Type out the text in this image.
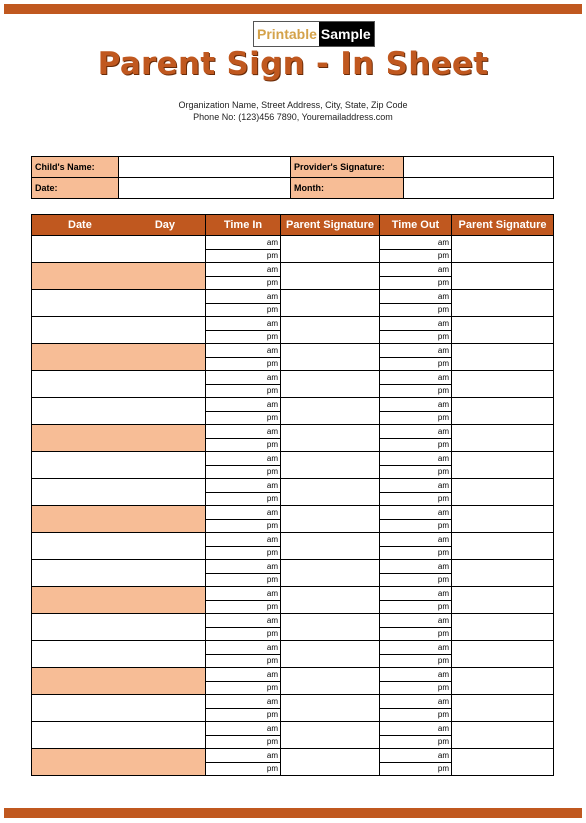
Printable Sample
Parent Sign - In Sheet
Organization Name, Street Address, City, State, Zip Code
Phone No: (123)456 7890, Youremailaddress.com
Child's Name:		Provider's Signature:	
Date:		Month:	
Date Day	Time In	Parent Signature	Time Out	Parent Signature
	am		am	
	pm		pm	
	am		am	
	pm		pm	
	am		am	
	pm		pm	
	am		am	
	pm		pm	
	am		am	
	pm		pm	
	am		am	
	pm		pm	
	am		am	
	pm		pm	
	am		am	
	pm		pm	
	am		am	
	pm		pm	
	am		am	
	pm		pm	
	am		am	
	pm		pm	
	am		am	
	pm		pm	
	am		am	
	pm		pm	
	am		am	
	pm		pm	
	am		am	
	pm		pm	
	am		am	
	pm		pm	
	am		am	
	pm		pm	
	am		am	
	pm		pm	
	am		am	
	pm		pm	
	am		am	
	pm		pm	
